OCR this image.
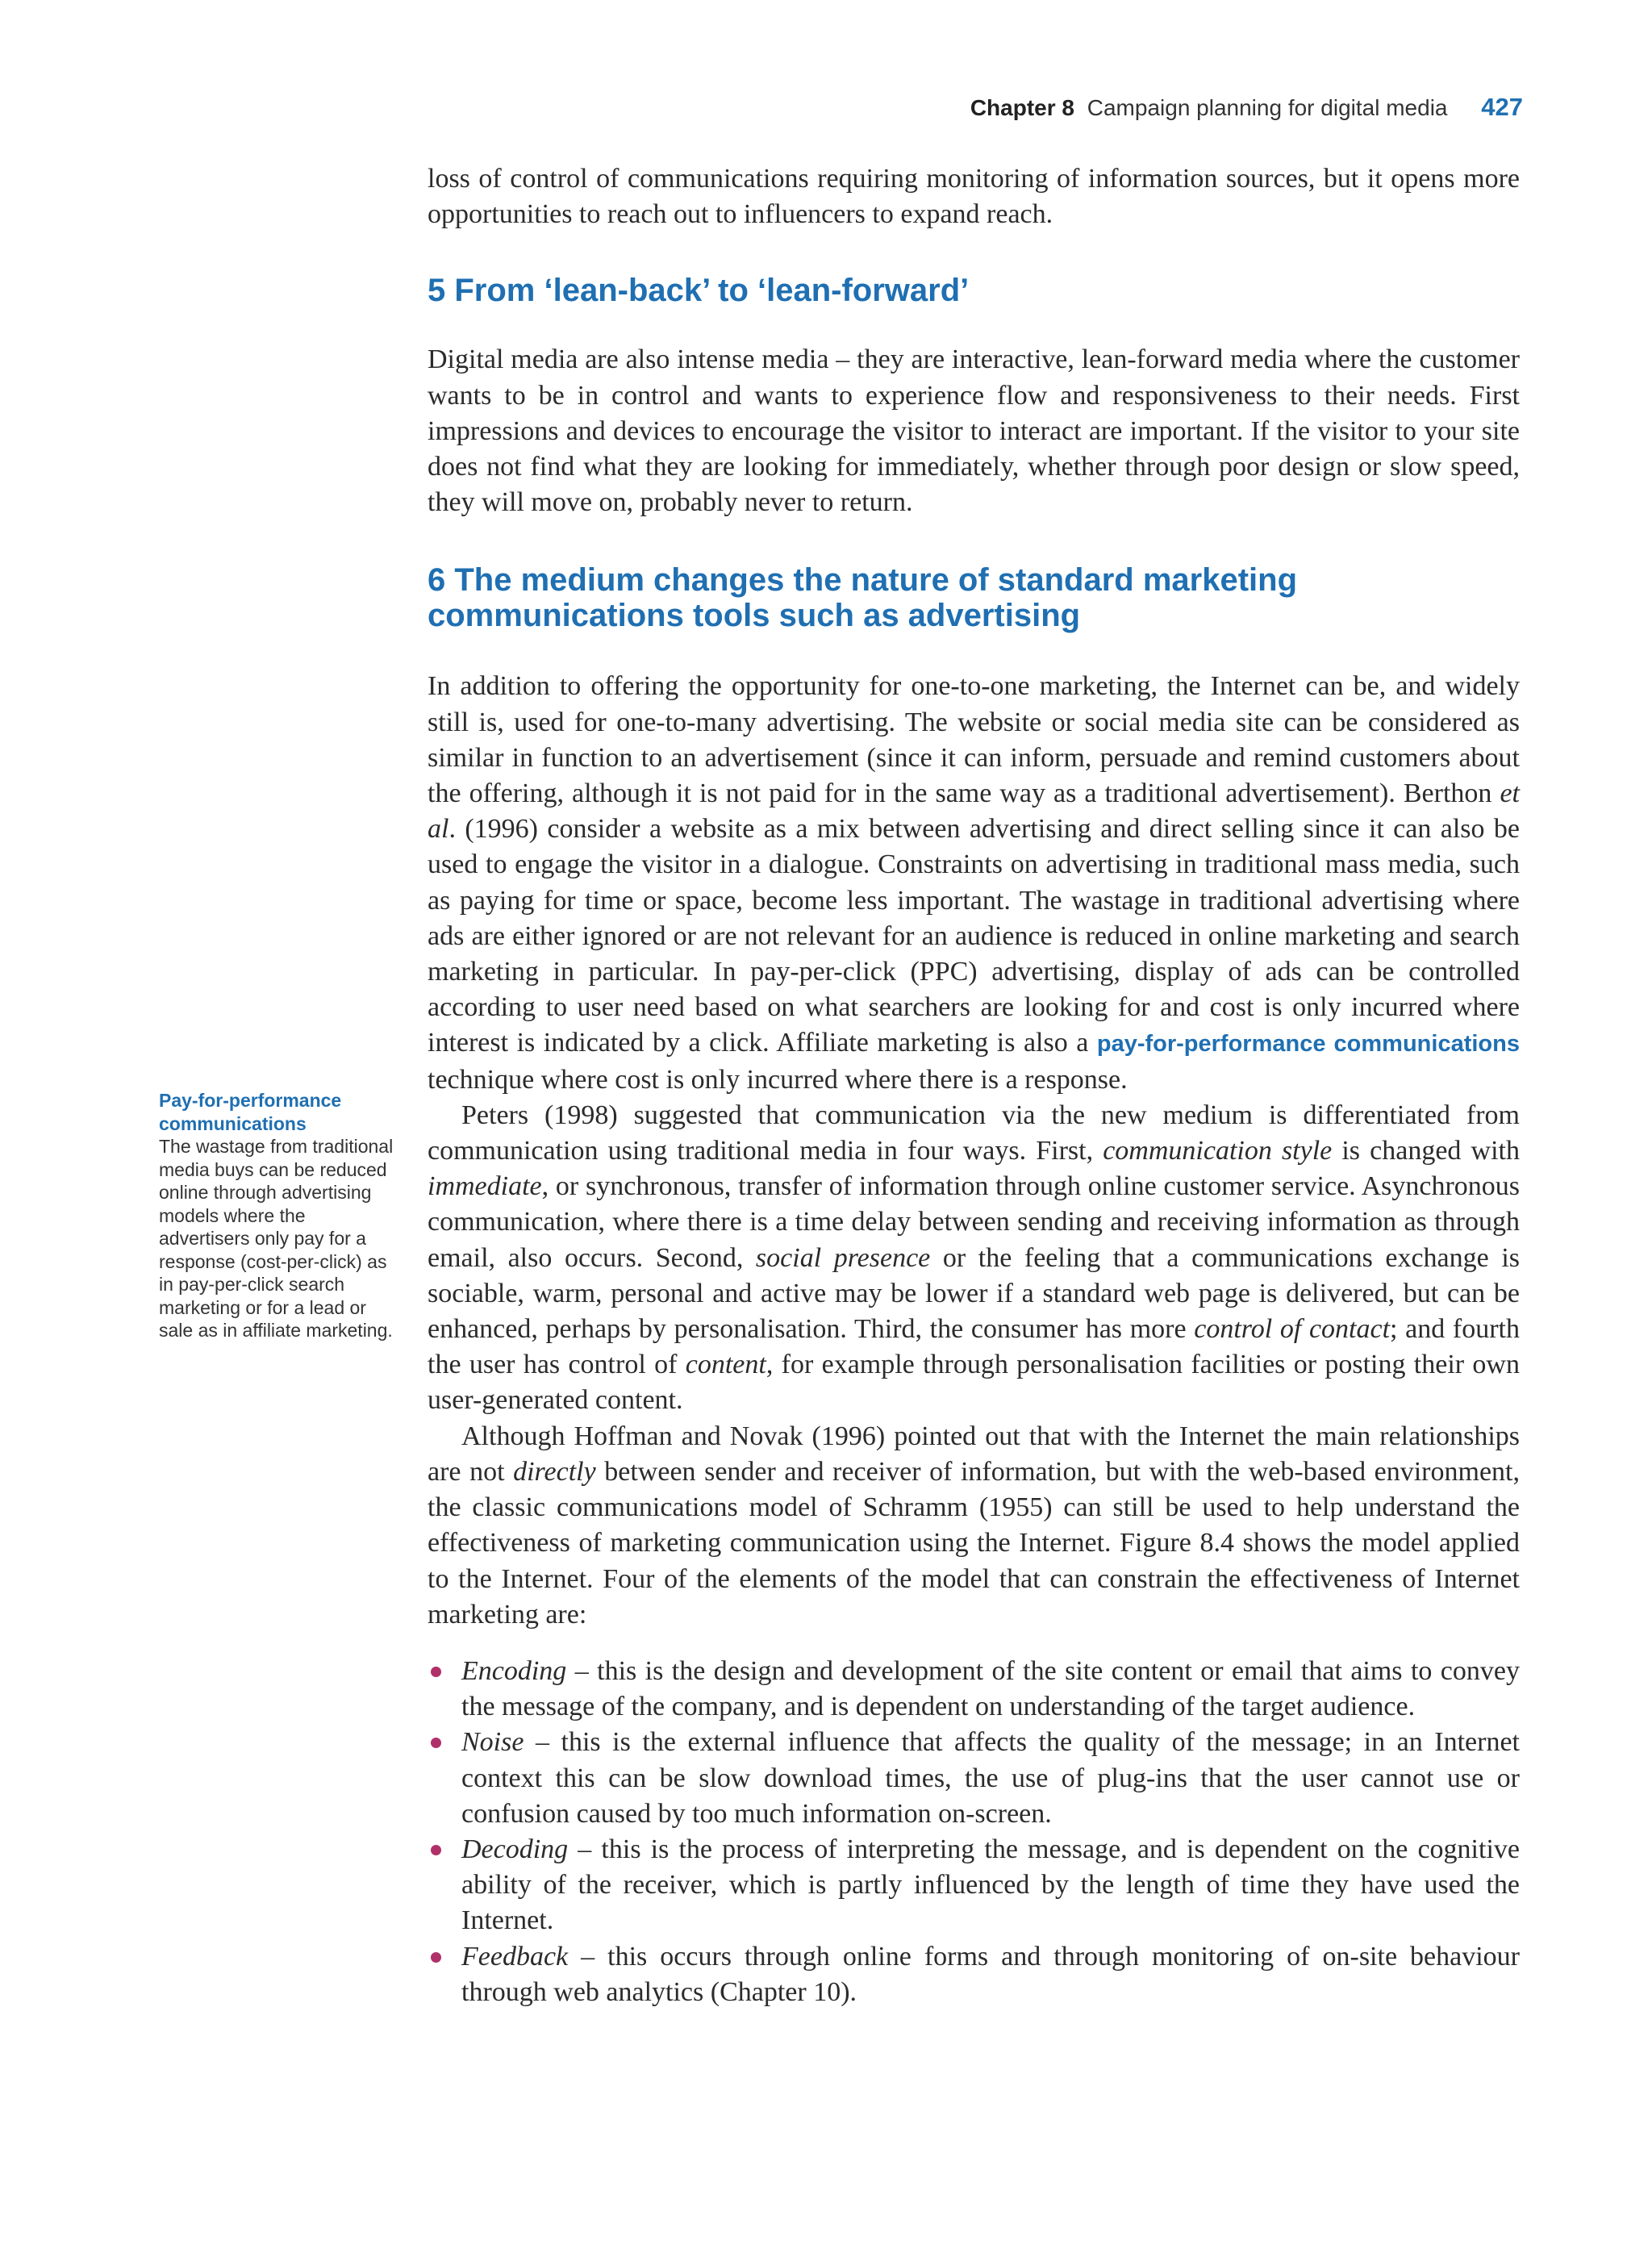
Chapter 8 Campaign planning for digital media 427
Pay-for-performance communications
The wastage from traditional media buys can be reduced online through advertising models where the advertisers only pay for a response (cost-per-click) as in pay-per-click search marketing or for a lead or sale as in affiliate marketing.

loss of control of communications requiring monitoring of information sources, but it opens more opportunities to reach out to influencers to expand reach.

5 From ‘lean-back’ to ‘lean-forward’

Digital media are also intense media – they are interactive, lean-forward media where the customer wants to be in control and wants to experience flow and responsiveness to their needs. First impressions and devices to encourage the visitor to interact are important. If the visitor to your site does not find what they are looking for immediately, whether through poor design or slow speed, they will move on, probably never to return.

6 The medium changes the nature of standard marketing communications tools such as advertising

In addition to offering the opportunity for one-to-one marketing, the Internet can be, and widely still is, used for one-to-many advertising. The website or social media site can be considered as similar in function to an advertisement (since it can inform, persuade and remind customers about the offering, although it is not paid for in the same way as a traditional advertisement). Berthon et al. (1996) consider a website as a mix between advertising and direct selling since it can also be used to engage the visitor in a dialogue. Constraints on advertising in traditional mass media, such as paying for time or space, become less important. The wastage in traditional advertising where ads are either ignored or are not relevant for an audience is reduced in online marketing and search marketing in particular. In pay-per-click (PPC) advertising, display of ads can be controlled according to user need based on what searchers are looking for and cost is only incurred where interest is indicated by a click. Affiliate marketing is also a pay-for-performance communications technique where cost is only incurred where there is a response.

Peters (1998) suggested that communication via the new medium is differentiated from communication using traditional media in four ways. First, communication style is changed with immediate, or synchronous, transfer of information through online customer service. Asynchronous communication, where there is a time delay between sending and receiving information as through email, also occurs. Second, social presence or the feeling that a communications exchange is sociable, warm, personal and active may be lower if a standard web page is delivered, but can be enhanced, perhaps by personalisation. Third, the consumer has more control of contact; and fourth the user has control of content, for example through personalisation facilities or posting their own user-generated content.

Although Hoffman and Novak (1996) pointed out that with the Internet the main relationships are not directly between sender and receiver of information, but with the web-based environment, the classic communications model of Schramm (1955) can still be used to help understand the effectiveness of marketing communication using the Internet. Figure 8.4 shows the model applied to the Internet. Four of the elements of the model that can constrain the effectiveness of Internet marketing are:

Encoding – this is the design and development of the site content or email that aims to convey the message of the company, and is dependent on understanding of the target audience.
Noise – this is the external influence that affects the quality of the message; in an Internet context this can be slow download times, the use of plug-ins that the user cannot use or confusion caused by too much information on-screen.
Decoding – this is the process of interpreting the message, and is dependent on the cognitive ability of the receiver, which is partly influenced by the length of time they have used the Internet.
Feedback – this occurs through online forms and through monitoring of on-site behaviour through web analytics (Chapter 10).
